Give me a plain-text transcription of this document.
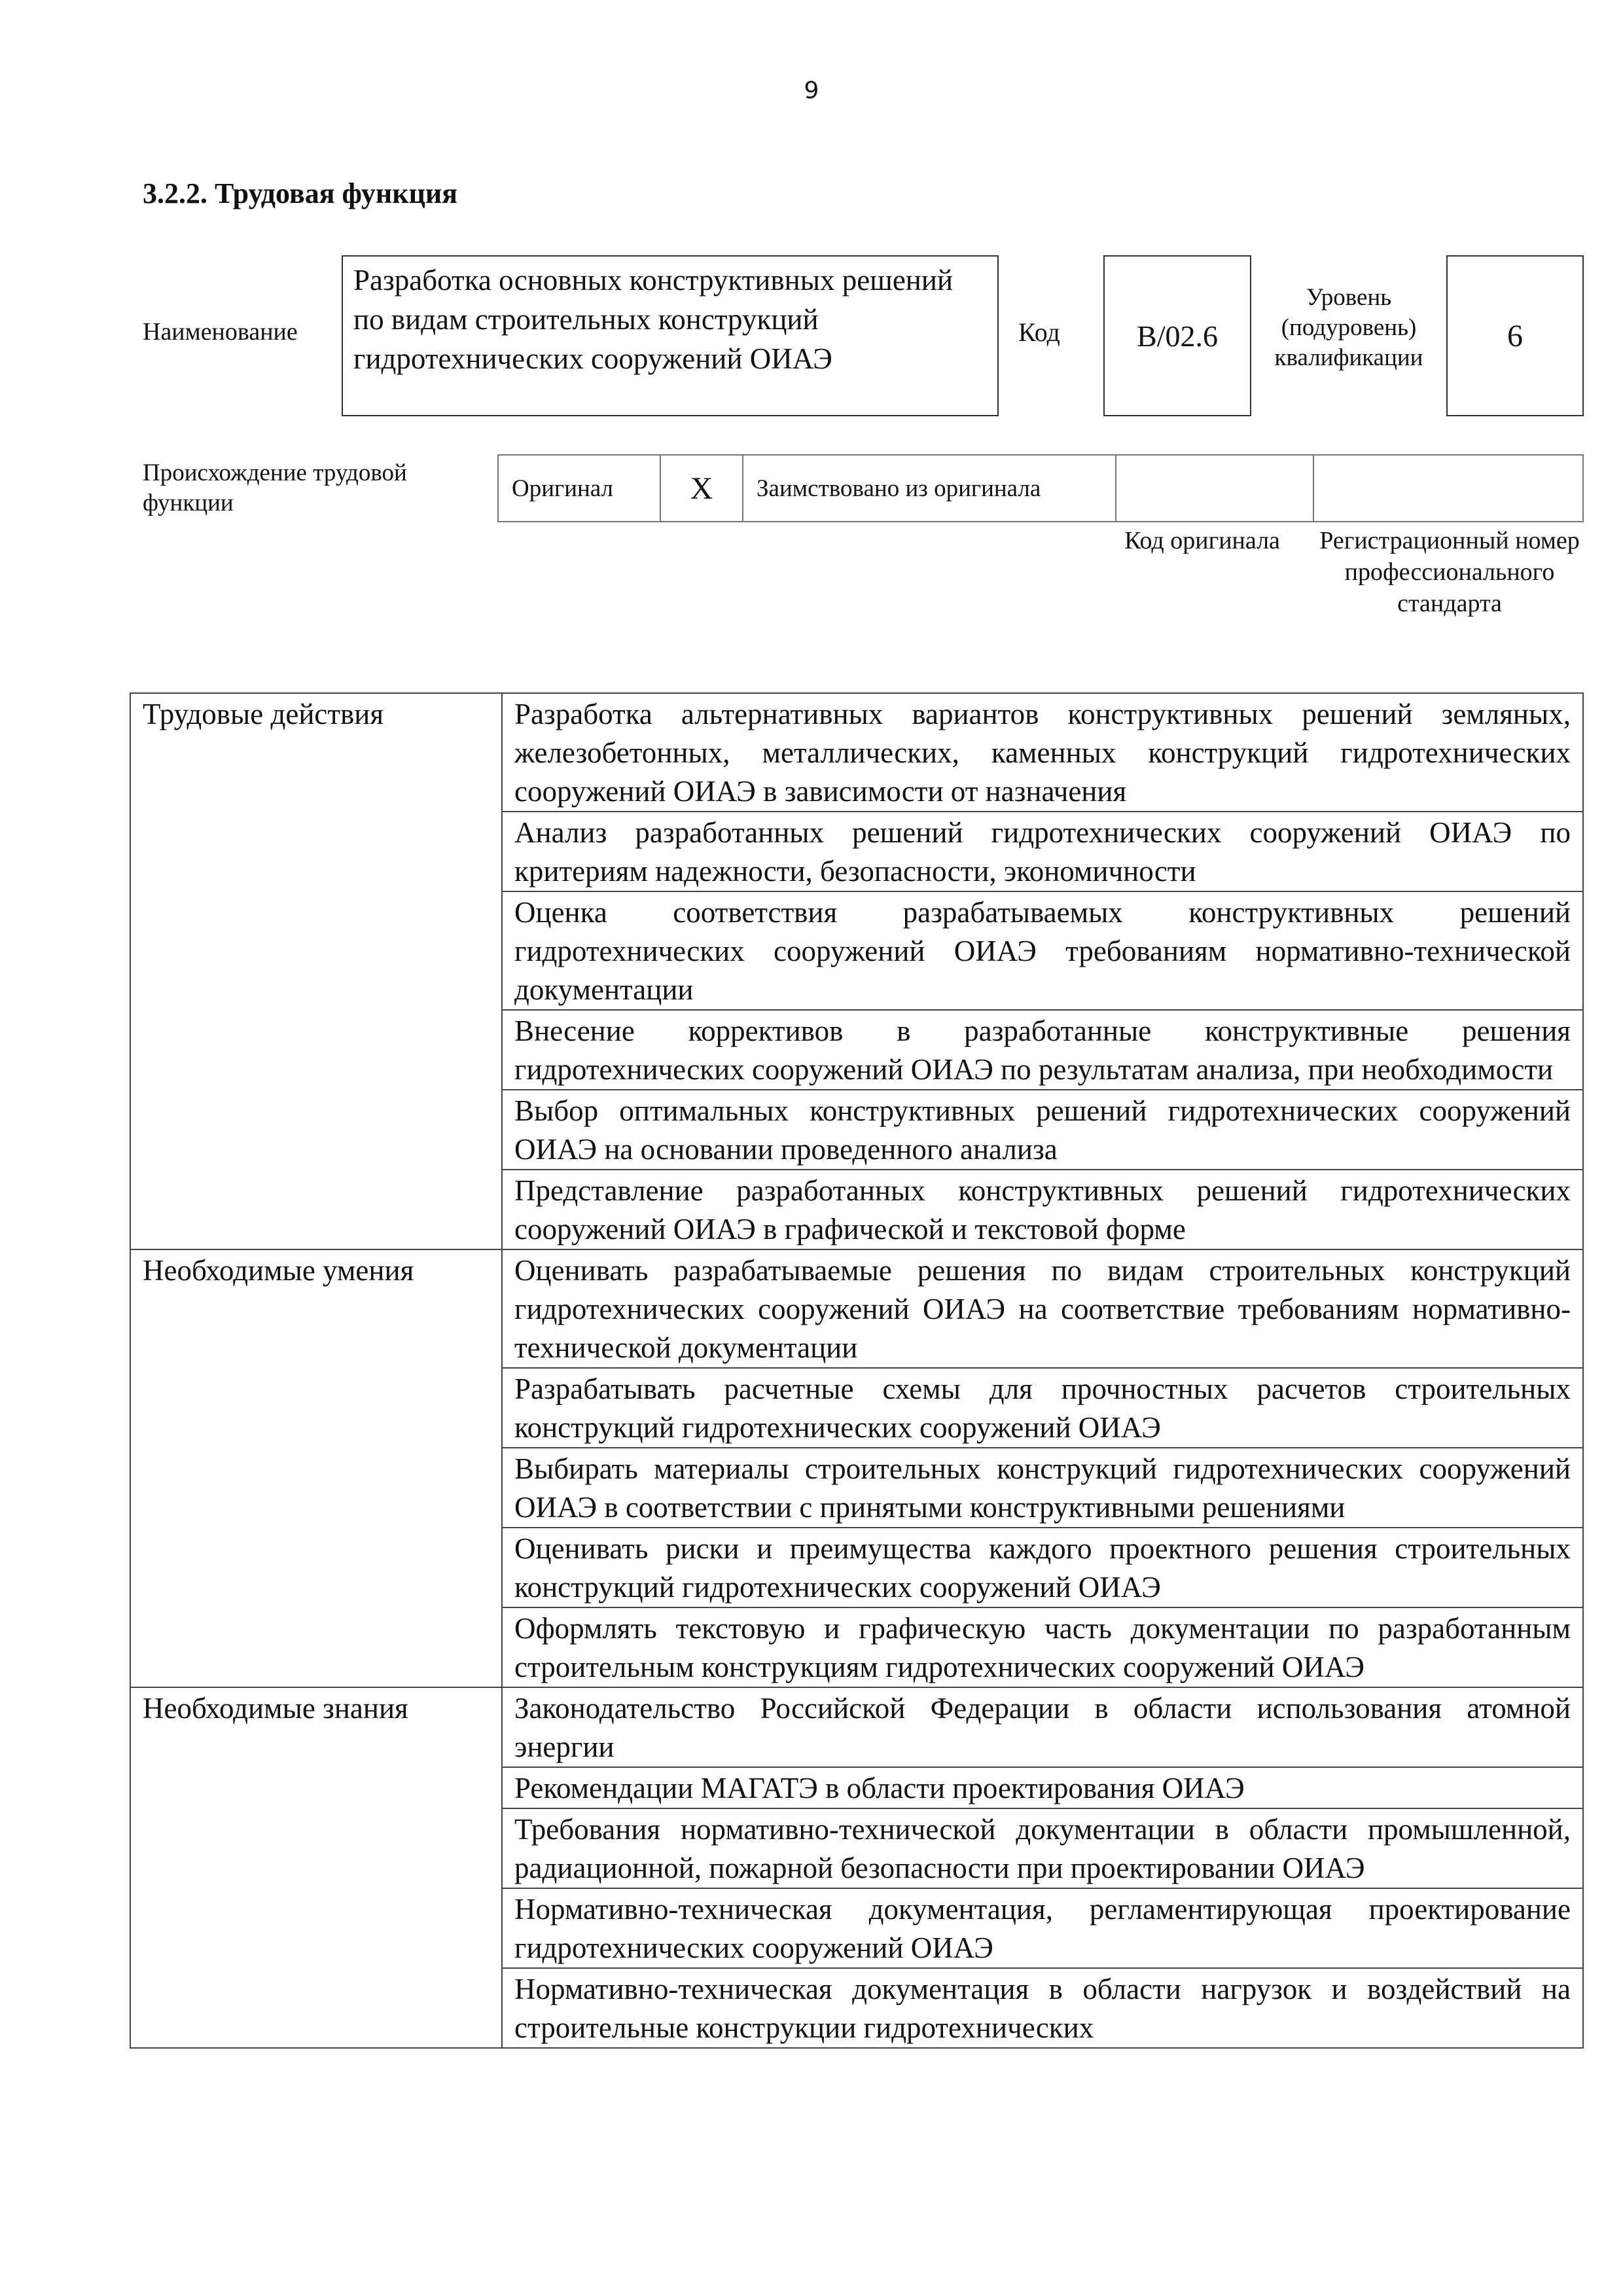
9
3.2.2. Трудовая функция
Наименование
Разработка основных конструктивных решений по видам строительных конструкций гидротехнических сооружений ОИАЭ
Код	B/02.6
Уровень (подуровень) квалификации
6
Происхождение трудовой функции
Оригинал	X	Заимствовано из оригинала
Код оригинала	Регистрационный номер профессионального стандарта
Трудовые действия	Разработка альтернативных вариантов конструктивных решений земляных, железобетонных, металлических, каменных конструкций гидротехнических сооружений ОИАЭ в зависимости от назначения
	Анализ разработанных решений гидротехнических сооружений ОИАЭ по критериям надежности, безопасности, экономичности
	Оценка соответствия разрабатываемых конструктивных решений гидротехнических сооружений ОИАЭ требованиям нормативно-технической документации
	Внесение коррективов в разработанные конструктивные решения гидротехнических сооружений ОИАЭ по результатам анализа, при необходимости
	Выбор оптимальных конструктивных решений гидротехнических сооружений ОИАЭ на основании проведенного анализа
	Представление разработанных конструктивных решений гидротехнических сооружений ОИАЭ в графической и текстовой форме
Необходимые умения	Оценивать разрабатываемые решения по видам строительных конструкций гидротехнических сооружений ОИАЭ на соответствие требованиям нормативно-технической документации
	Разрабатывать расчетные схемы для прочностных расчетов строительных конструкций гидротехнических сооружений ОИАЭ
	Выбирать материалы строительных конструкций гидротехнических сооружений ОИАЭ в соответствии с принятыми конструктивными решениями
	Оценивать риски и преимущества каждого проектного решения строительных конструкций гидротехнических сооружений ОИАЭ
	Оформлять текстовую и графическую часть документации по разработанным строительным конструкциям гидротехнических сооружений ОИАЭ
Необходимые знания	Законодательство Российской Федерации в области использования атомной энергии
	Рекомендации МАГАТЭ в области проектирования ОИАЭ
	Требования нормативно-технической документации в области промышленной, радиационной, пожарной безопасности при проектировании ОИАЭ
	Нормативно-техническая документация, регламентирующая проектирование гидротехнических сооружений ОИАЭ
	Нормативно-техническая документация в области нагрузок и воздействий на строительные конструкции гидротехнических
